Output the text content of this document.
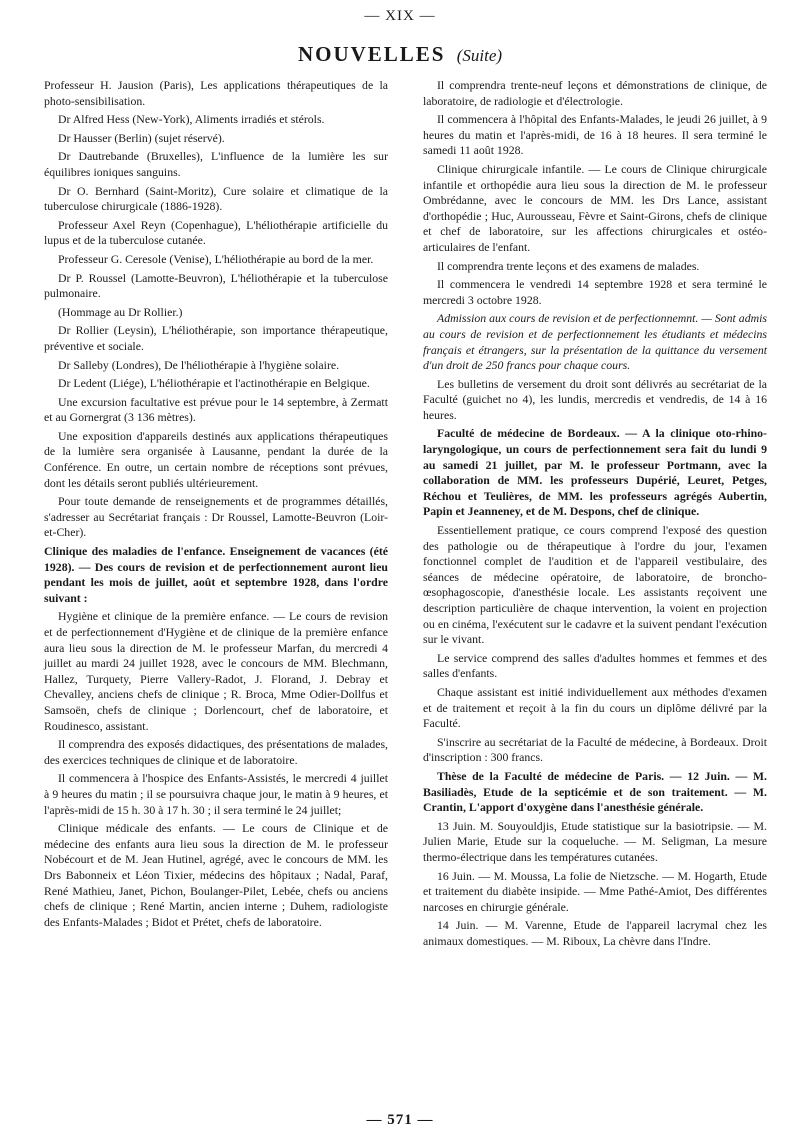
— XIX —
NOUVELLES (Suite)

Professeur H. Jausion (Paris), Les applications thérapeutiques de la photo-sensibilisation.

Dr Alfred Hess (New-York), Aliments irradiés et stérols.

Dr Hausser (Berlin) (sujet réservé).

Dr Dautrebande (Bruxelles), L'influence de la lumière les sur équilibres ioniques sanguins.

Dr O. Bernhard (Saint-Moritz), Cure solaire et climatique de la tuberculose chirurgicale (1886-1928).

Professeur Axel Reyn (Copenhague), L'héliothérapie artificielle du lupus et de la tuberculose cutanée.

Professeur G. Ceresole (Venise), L'héliothérapie au bord de la mer.

Dr P. Roussel (Lamotte-Beuvron), L'héliothérapie et la tuberculose pulmonaire.

(Hommage au Dr Rollier.)

Dr Rollier (Leysin), L'héliothérapie, son importance thérapeutique, préventive et sociale.

Dr Salleby (Londres), De l'héliothérapie à l'hygiène solaire.

Dr Ledent (Liége), L'héliothérapie et l'actinothérapie en Belgique.

Une excursion facultative est prévue pour le 14 septembre, à Zermatt et au Gornergrat (3 136 mètres).

Une exposition d'appareils destinés aux applications thérapeutiques de la lumière sera organisée à Lausanne, pendant la durée de la Conférence. En outre, un certain nombre de réceptions sont prévues, dont les détails seront publiés ultérieurement.

Pour toute demande de renseignements et de programmes détaillés, s'adresser au Secrétariat français : Dr Roussel, Lamotte-Beuvron (Loir-et-Cher).

Clinique des maladies de l'enfance. Enseignement de vacances (été 1928). — Des cours de revision et de perfectionnement auront lieu pendant les mois de juillet, août et septembre 1928, dans l'ordre suivant :

Hygiène et clinique de la première enfance. — Le cours de revision et de perfectionnement d'Hygiène et de clinique de la première enfance aura lieu sous la direction de M. le professeur Marfan, du mercredi 4 juillet au mardi 24 juillet 1928, avec le concours de MM. Blechmann, Hallez, Turquety, Pierre Vallery-Radot, J. Florand, J. Debray et Chevalley, anciens chefs de clinique ; R. Broca, Mme Odier-Dollfus et Samsoën, chefs de clinique ; Dorlencourt, chef de laboratoire, et Roudinesco, assistant.

Il comprendra des exposés didactiques, des présentations de malades, des exercices techniques de clinique et de laboratoire.

Il commencera à l'hospice des Enfants-Assistés, le mercredi 4 juillet à 9 heures du matin ; il se poursuivra chaque jour, le matin à 9 heures, et l'après-midi de 15 h. 30 à 17 h. 30 ; il sera terminé le 24 juillet;

Clinique médicale des enfants. — Le cours de Clinique et de médecine des enfants aura lieu sous la direction de M. le professeur Nobécourt et de M. Jean Hutinel, agrégé, avec le concours de MM. les Drs Babonneix et Léon Tixier, médecins des hôpitaux ; Nadal, Paraf, René Mathieu, Janet, Pichon, Boulanger-Pilet, Lebée, chefs ou anciens chefs de clinique ; René Martin, ancien interne ; Duhem, radiologiste des Enfants-Malades ; Bidot et Prétet, chefs de laboratoire.

Il comprendra trente-neuf leçons et démonstrations de clinique, de laboratoire, de radiologie et d'électrologie.

Il commencera à l'hôpital des Enfants-Malades, le jeudi 26 juillet, à 9 heures du matin et l'après-midi, de 16 à 18 heures. Il sera terminé le samedi 11 août 1928.

Clinique chirurgicale infantile. — Le cours de Clinique chirurgicale infantile et orthopédie aura lieu sous la direction de M. le professeur Ombrédanne, avec le concours de MM. les Drs Lance, assistant d'orthopédie ; Huc, Aurousseau, Fèvre et Saint-Girons, chefs de clinique et chef de laboratoire, sur les affections chirurgicales et ostéo-articulaires de l'enfant.

Il comprendra trente leçons et des examens de malades.

Il commencera le vendredi 14 septembre 1928 et sera terminé le mercredi 3 octobre 1928.

Admission aux cours de revision et de perfectionnemnt. — Sont admis au cours de revision et de perfectionnement les étudiants et médecins français et étrangers, sur la présentation de la quittance du versement d'un droit de 250 francs pour chaque cours.

Les bulletins de versement du droit sont délivrés au secrétariat de la Faculté (guichet no 4), les lundis, mercredis et vendredis, de 14 à 16 heures.

Faculté de médecine de Bordeaux. — A la clinique oto-rhino-laryngologique, un cours de perfectionnement sera fait du lundi 9 au samedi 21 juillet, par M. le professeur Portmann, avec la collaboration de MM. les professeurs Dupérié, Leuret, Petges, Réchou et Teulières, de MM. les professeurs agrégés Aubertin, Papin et Jeanneney, et de M. Despons, chef de clinique.

Essentiellement pratique, ce cours comprend l'exposé des question des pathologie ou de thérapeutique à l'ordre du jour, l'examen fonctionnel complet de l'audition et de l'appareil vestibulaire, des séances de médecine opératoire, de laboratoire, de broncho-œsophagoscopie, d'anesthésie locale. Les assistants reçoivent une description particulière de chaque intervention, la voient en projection ou en cinéma, l'exécutent sur le cadavre et la suivent pendant l'exécution sur le vivant.

Le service comprend des salles d'adultes hommes et femmes et des salles d'enfants.

Chaque assistant est initié individuellement aux méthodes d'examen et de traitement et reçoit à la fin du cours un diplôme délivré par la Faculté.

S'inscrire au secrétariat de la Faculté de médecine, à Bordeaux. Droit d'inscription : 300 francs.

Thèse de la Faculté de médecine de Paris. — 12 Juin. — M. Basiliadès, Etude de la septicémie et de son traitement. — M. Crantin, L'apport d'oxygène dans l'anesthésie générale.

13 Juin. M. Souyouldjis, Etude statistique sur la basiotripsie. — M. Julien Marie, Etude sur la coqueluche. — M. Seligman, La mesure thermo-électrique dans les températures cutanées.

16 Juin. — M. Moussa, La folie de Nietzsche. — M. Hogarth, Etude et traitement du diabète insipide. — Mme Pathé-Amiot, Des différentes narcoses en chirurgie générale.

14 Juin. — M. Varenne, Etude de l'appareil lacrymal chez les animaux domestiques. — M. Riboux, La chèvre dans l'Indre.

— 571 —
